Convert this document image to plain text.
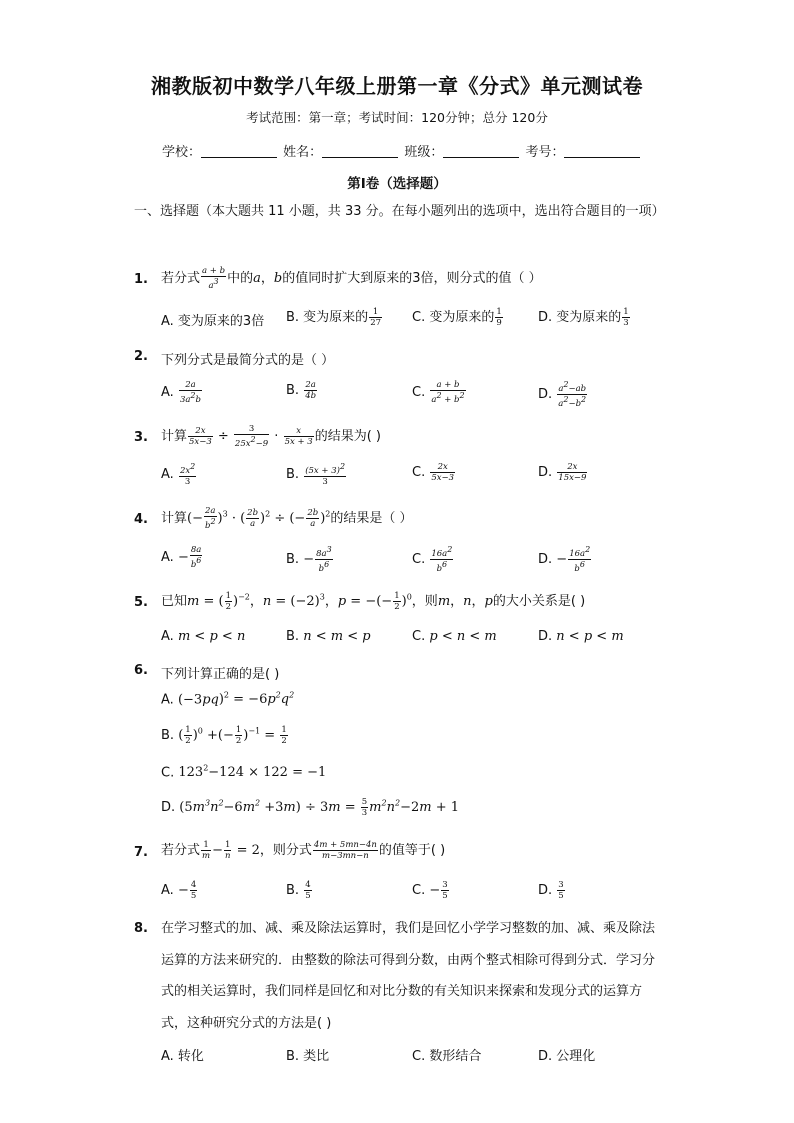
湘教版初中数学八年级上册第一章《分式》单元测试卷
考试范围：第一章；考试时间：120分钟；总分 120分
学校：	姓名：	班级：	考号：
第I卷（选择题）
一、选择题（本大题共 11 小题，共 33 分。在每小题列出的选项中，选出符合题目的一项）
1. 若分式 $\frac{a + b}{a^3}$ 中的a，b的值同时扩大到原来的3倍，则分式的值（ ）
A. 变为原来的3倍 B. 变为原来的 $\frac{1}{27} C$. 变为原来的 $\frac{1}{9}$	D. 变为原来的 $\frac{1}{3}$
2. 下列分式是最简分式的是（ ）
A. $\frac{2a}{3a^2b}$	B. $\frac{2a}{4b}$	C. $\frac{a + b}{a^2 + b^2}$	D. $\frac{a^2-ab}{a^2-b^2}$
3. 计算 $\frac{2x}{5x-3} \div \frac{3}{25x^2-9} \cdot \frac{x}{5x + 3}$ 的结果为( )
A. $\frac{2x^2}{3}$	B. $\frac{(5x + 3)^2}{3}$	C. $\frac{2x}{5x-3}$	D. $\frac{2x}{15x-9}$
4. 计算(− $\frac{2a}{b^2} )^3$ · ( $\frac{2b}{a} )^2$ ÷ (− $\frac{2b}{a} )^2$的结果是（ ）
A. − $\frac{8a}{b^6}$	B. − $\frac{8a^3}{b^6}$	C. $\frac{16a^2}{b^6}$	D. − $\frac{16a^2}{b^6}$
5. 已知m = ( $\frac{1}{2} )^{-2}$，$n = (-2)^3$，p = −(− $\frac{1}{2} )^0$，则m，n，p的大小关系是( )
A. m < p < n	B. n < m < p	C. p < n < m	D. n < p < m
6. 下列计算正确的是( )
A. $(-3pq)^2 = -6p^2q^2$
B. ( $\frac{1}{2} )^0$ +(− $\frac{1}{2} )^{-1} = \frac{1}{2}$
C. $123^2-124 \times 122 = -1$
D. $(5m^3n^2-6m^2 +3m) \div 3m = \frac{5}{3} m^2n^2-2m + 1$
7. 若分式 $\frac{1}{m} - \frac{1}{n} = 2$，则分式 $\frac{4m + 5mn-4n}{m-3mn-n}$ 的值等于( )
A. − $\frac{4}{5}$	B. $\frac{4}{5}$	C. − $\frac{3}{5}$	D. $\frac{3}{5}$
8. 在学习整式的加、减、乘及除法运算时，我们是回忆小学学习整数的加、减、乘及除法运算的方法来研究的．由整数的除法可得到分数，由两个整式相除可得到分式．学习分式的相关运算时，我们同样是回忆和对比分数的有关知识来探索和发现分式的运算方式，这种研究分式的方法是( )
A. 转化	B. 类比	C. 数形结合	D. 公理化
